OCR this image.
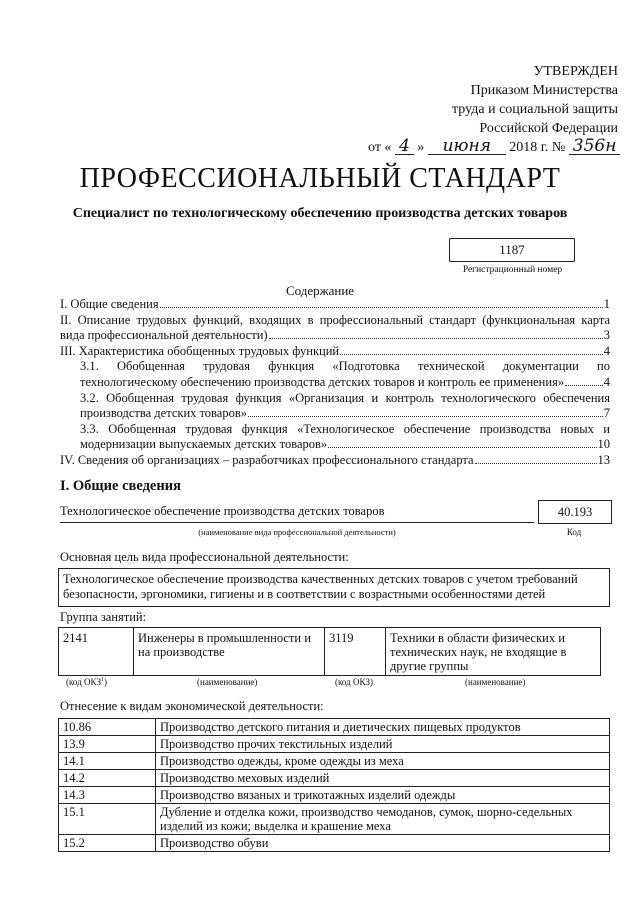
УТВЕРЖДЕН
Приказом Министерства
труда и социальной защиты
Российской Федерации
от « 4 » июня 2018 г. № 356н
ПРОФЕССИОНАЛЬНЫЙ СТАНДАРТ
Специалист по технологическому обеспечению производства детских товаров
1187
Регистрационный номер
Содержание
I. Общие сведения	1
II. Описание трудовых функций, входящих в профессиональный стандарт (функциональная карта
вида профессиональной деятельности)	3
III. Характеристика обобщенных трудовых функций	4
3.1. Обобщенная трудовая функция «Подготовка технической документации по
технологическому обеспечению производства детских товаров и контроль ее применения»	4
3.2. Обобщенная трудовая функция «Организация и контроль технологического обеспечения
производства детских товаров»	7
3.3. Обобщенная трудовая функция «Технологическое обеспечение производства новых и
модернизации выпускаемых детских товаров»	10
IV. Сведения об организациях – разработчиках профессионального стандарта	13
I. Общие сведения
Технологическое обеспечение производства детских товаров	40.193
(наименование вида профессиональной деятельности)	Код
Основная цель вида профессиональной деятельности:
Технологическое обеспечение производства качественных детских товаров с учетом требований безопасности, эргономики, гигиены и в соответствии с возрастными особенностями детей
Группа занятий:
2141	Инженеры в промышленности и на производстве	3119	Техники в области физических и технических наук, не входящие в другие группы
(код ОКЗ$^1$)	(наименование)	(код ОКЗ)	(наименование)
Отнесение к видам экономической деятельности:
10.86	Производство детского питания и диетических пищевых продуктов
13.9	Производство прочих текстильных изделий
14.1	Производство одежды, кроме одежды из меха
14.2	Производство меховых изделий
14.3	Производство вязаных и трикотажных изделий одежды
15.1	Дубление и отделка кожи, производство чемоданов, сумок, шорно-седельных изделий из кожи; выделка и крашение меха
15.2	Производство обуви
